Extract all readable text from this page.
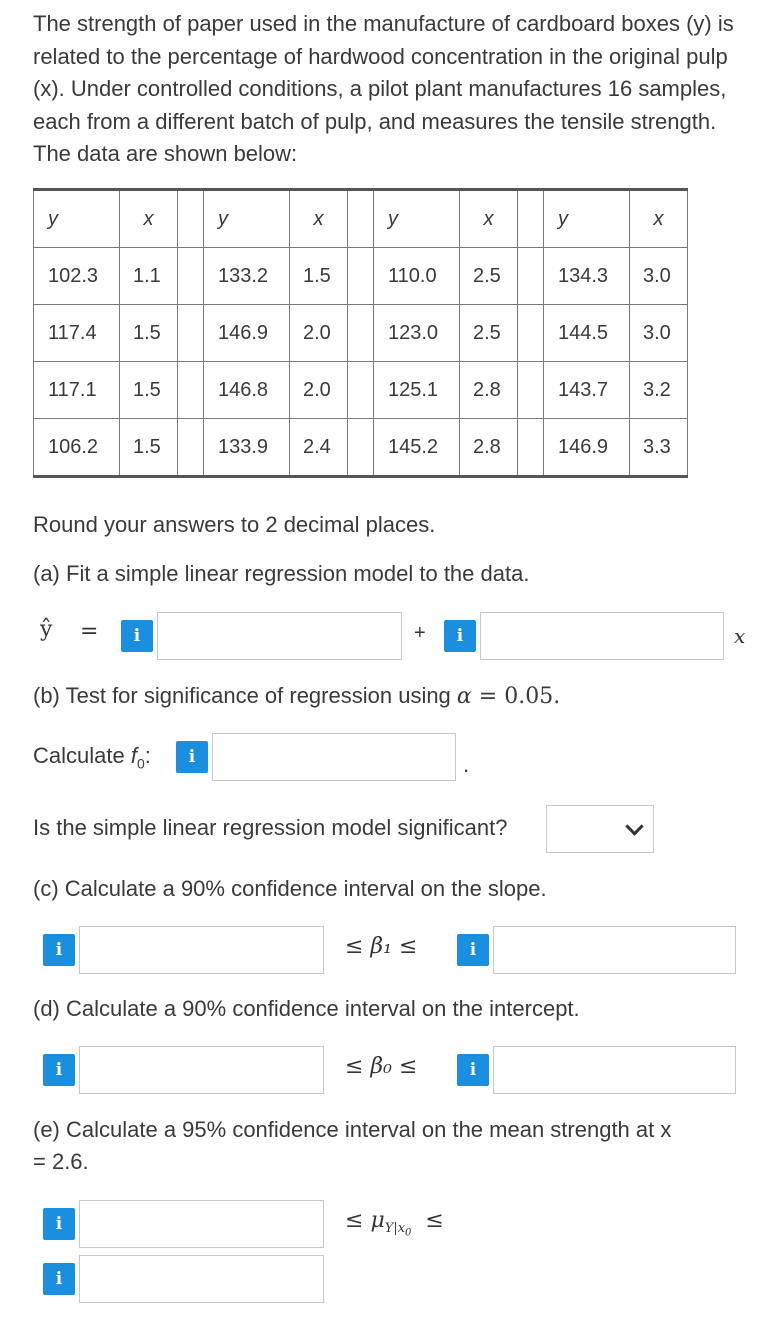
The strength of paper used in the manufacture of cardboard boxes (y) is related to the percentage of hardwood concentration in the original pulp (x). Under controlled conditions, a pilot plant manufactures 16 samples, each from a different batch of pulp, and measures the tensile strength. The data are shown below:
y	x		y	x		y	x		y	x
102.3	1.1		133.2	1.5		110.0	2.5		134.3	3.0
117.4	1.5		146.9	2.0		123.0	2.5		144.5	3.0
117.1	1.5		146.8	2.0		125.1	2.8		143.7	3.2
106.2	1.5		133.9	2.4		145.2	2.8		146.9	3.3
Round your answers to 2 decimal places.
(a) Fit a simple linear regression model to the data.
ŷ =	i	+	i	x
(b) Test for significance of regression using α = 0.05.
Calculate $f_0$:	i	.
Is the simple linear regression model significant?
(c) Calculate a 90% confidence interval on the slope.
i	≤ β₁ ≤	i
(d) Calculate a 90% confidence interval on the intercept.
i	≤ β₀ ≤	i
(e) Calculate a 95% confidence interval on the mean strength at x
= 2.6.
i	≤ $\mu_{Y|x_0}$  ≤
i
